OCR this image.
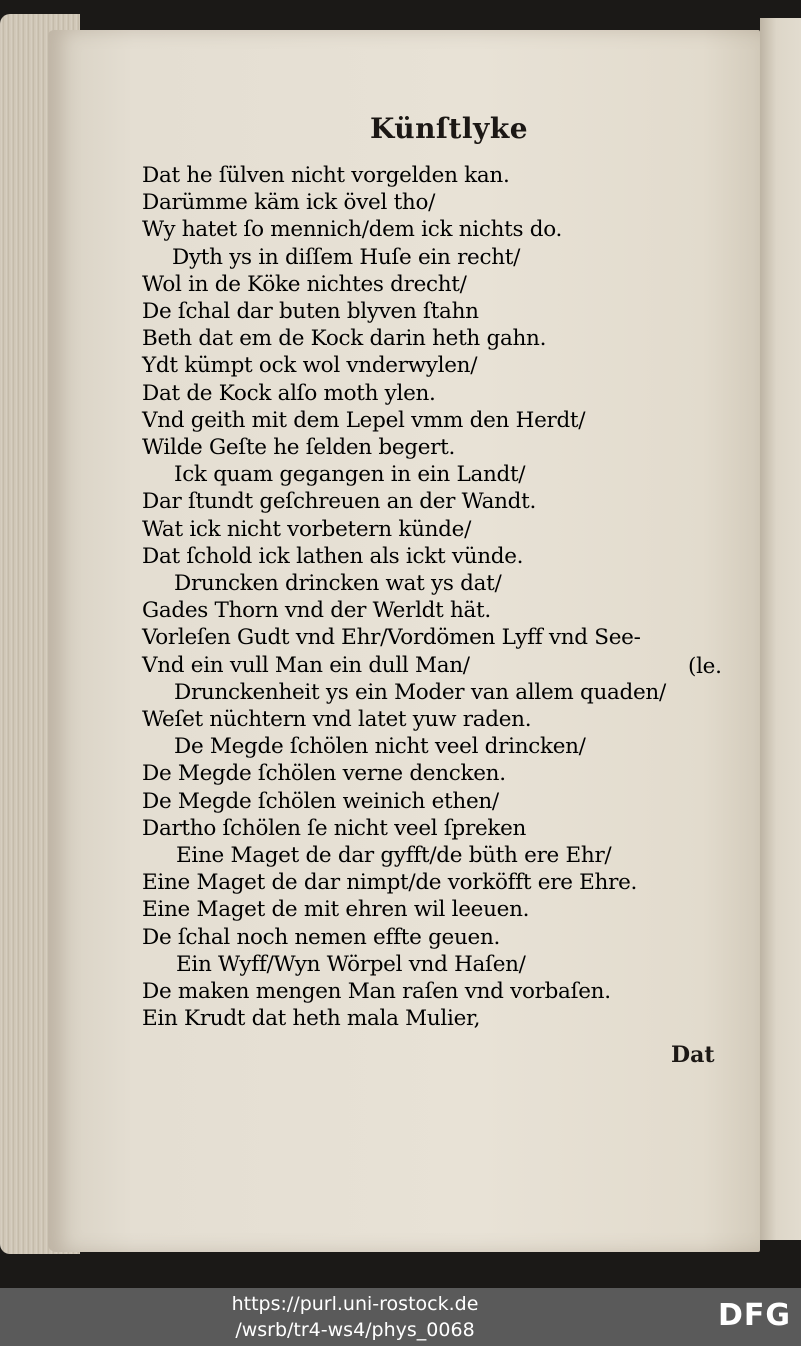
Künſtlyke
Dat he ſülven nicht vorgelden kan.
Darümme käm ick övel tho/
Wy hatet ſo mennich/dem ick nichts do.
Dyth ys in diſſem Huſe ein recht/
Wol in de Köke nichtes drecht/
De ſchal dar buten blyven ſtahn
Beth dat em de Kock darin heth gahn.
Ydt kümpt ock wol vnderwylen/
Dat de Kock alſo moth ylen.
Vnd geith mit dem Lepel vmm den Herdt/
Wilde Geſte he ſelden begert.
Ick quam gegangen in ein Landt/
Dar ſtundt geſchreuen an der Wandt.
Wat ick nicht vorbetern künde/
Dat ſchold ick lathen als ickt vünde.
Druncken drincken wat ys dat/
Gades Thorn vnd der Werldt hät.
Vorleſen Gudt vnd Ehr/Vordömen Lyff vnd See-
Vnd ein vull Man ein dull Man/
Drunckenheit ys ein Moder van allem quaden/
Weſet nüchtern vnd latet yuw raden.
De Megde ſchölen nicht veel drincken/
De Megde ſchölen verne dencken.
De Megde ſchölen weinich ethen/
Dartho ſchölen ſe nicht veel ſpreken
Eine Maget de dar gyfft/de büth ere Ehr/
Eine Maget de dar nimpt/de vorköfft ere Ehre.
Eine Maget de mit ehren wil leeuen.
De ſchal noch nemen effte geuen.
Ein Wyff/Wyn Wörpel vnd Haſen/
De maken mengen Man raſen vnd vorbaſen.
Ein Krudt dat heth mala Mulier,
(le.
Dat
https://purl.uni-rostock.de
/wsrb/tr4-ws4/phys_0068	DFG
